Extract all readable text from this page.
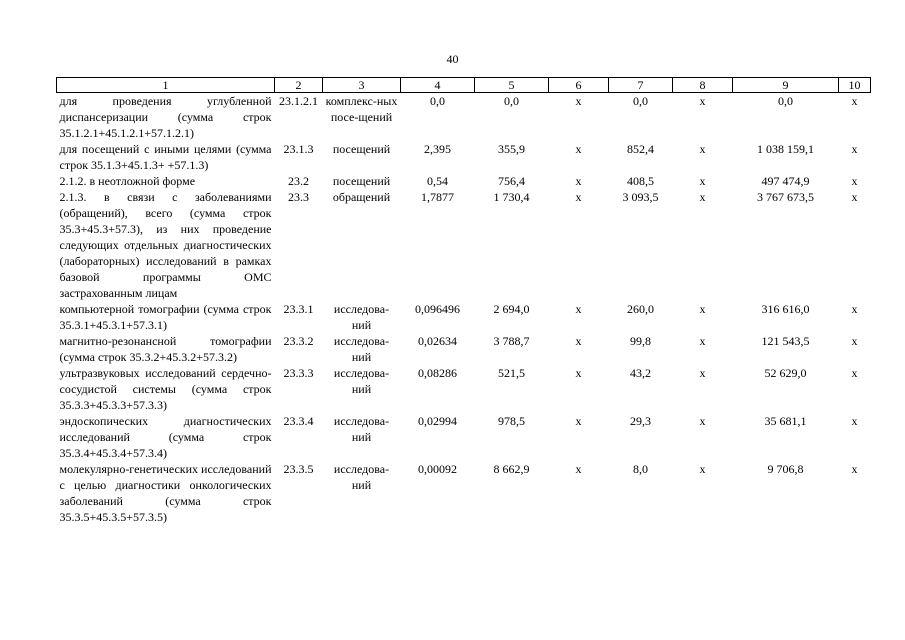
40
1	2	3	4	5	6	7	8	9	10
для проведения углубленной диспансеризации (сумма строк 35.1.2.1+45.1.2.1+57.1.2.1)	23.1.2.1	комплекс-ных посе-щений	0,0	0,0	х	0,0	х	0,0	х
для посещений с иными целями (сумма строк 35.1.3+45.1.3+ +57.1.3)	23.1.3	посещений	2,395	355,9	х	852,4	х	1 038 159,1	х
2.1.2. в неотложной форме	23.2	посещений	0,54	756,4	х	408,5	х	497 474,9	х
2.1.3. в связи с заболеваниями (обращений), всего (сумма строк 35.3+45.3+57.3), из них проведение следующих отдельных диагностических (лабораторных) исследований в рамках базовой программы ОМС застрахованным лицам	23.3	обращений	1,7877	1 730,4	х	3 093,5	х	3 767 673,5	х
компьютерной томографии (сумма строк 35.3.1+45.3.1+57.3.1)	23.3.1	исследова-ний	0,096496	2 694,0	х	260,0	х	316 616,0	х
магнитно-резонансной томографии (сумма строк 35.3.2+45.3.2+57.3.2)	23.3.2	исследова-ний	0,02634	3 788,7	х	99,8	х	121 543,5	х
ультразвуковых исследований сердечно-сосудистой системы (сумма строк 35.3.3+45.3.3+57.3.3)	23.3.3	исследова-ний	0,08286	521,5	х	43,2	х	52 629,0	х
эндоскопических диагностических исследований (сумма строк 35.3.4+45.3.4+57.3.4)	23.3.4	исследова-ний	0,02994	978,5	х	29,3	х	35 681,1	х
молекулярно-генетических исследований с целью диагностики онкологических заболеваний (сумма строк 35.3.5+45.3.5+57.3.5)	23.3.5	исследова-ний	0,00092	8 662,9	х	8,0	х	9 706,8	х
